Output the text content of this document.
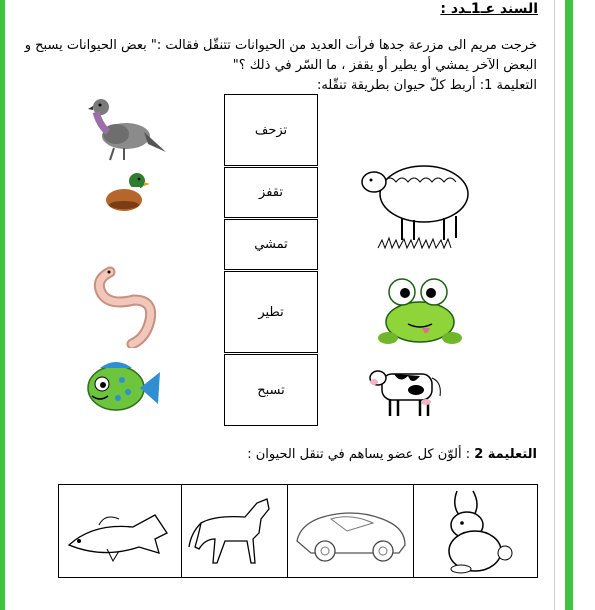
السند عـ1ـدد :
خرجت مريم الى مزرعة جدها فرأت العديد من الحيوانات تتنقّل فقالت :" بعض الحيوانات يسبح و
البعض الآخر يمشي أو يطير أو يقفز ، ما السّر في ذلك ؟"
التعليمة 1: أربط كلّ حيوان بطريقة تنقّله:
تزحف
تقفز
تمشي
تطير
تسبح
التعليمة 2 : ألوّن كل عضو يساهم في تنقل الحيوان :
